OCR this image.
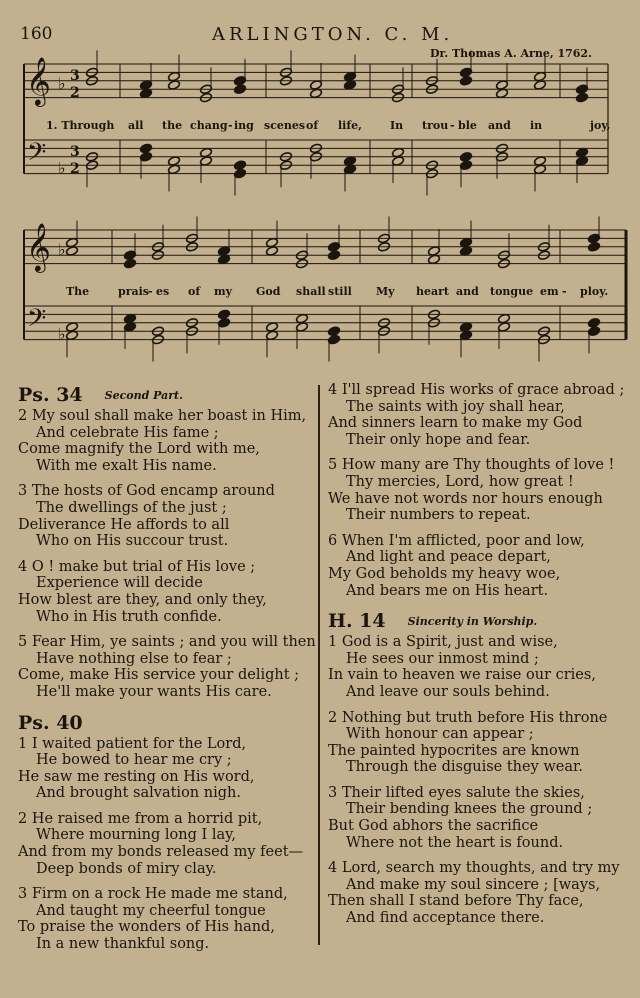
160	ARLINGTON. C. M.
Dr. Thomas A. Arne, 1762.
𝄞
𝄢
♭
♭
3
2
3
2
𝄞
𝄢
♭
♭
1. Through all the chang - ing scenes of life,	In trou - ble and in	joy,
The	prais - es of my God shall still My heart and tongue em - ploy.
Ps. 34 Second Part.
2 My soul shall make her boast in Him,
And celebrate His fame ;
Come magnify the Lord with me,
With me exalt His name.
3 The hosts of God encamp around
The dwellings of the just ;
Deliverance He affords to all
Who on His succour trust.
4 O ! make but trial of His love ;
Experience will decide
How blest are they, and only they,
Who in His truth confide.
5 Fear Him, ye saints ; and you will then
Have nothing else to fear ;
Come, make His service your delight ;
He'll make your wants His care.
Ps. 40
1 I waited patient for the Lord,
He bowed to hear me cry ;
He saw me resting on His word,
And brought salvation nigh.
2 He raised me from a horrid pit,
Where mourning long I lay,
And from my bonds released my feet—
Deep bonds of miry clay.
3 Firm on a rock He made me stand,
And taught my cheerful tongue
To praise the wonders of His hand,
In a new thankful song.
4 I'll spread His works of grace abroad ;
The saints with joy shall hear,
And sinners learn to make my God
Their only hope and fear.
5 How many are Thy thoughts of love !
Thy mercies, Lord, how great !
We have not words nor hours enough
Their numbers to repeat.
6 When I'm afflicted, poor and low,
And light and peace depart,
My God beholds my heavy woe,
And bears me on His heart.
H. 14 Sincerity in Worship.
1 God is a Spirit, just and wise,
He sees our inmost mind ;
In vain to heaven we raise our cries,
And leave our souls behind.
2 Nothing but truth before His throne
With honour can appear ;
The painted hypocrites are known
Through the disguise they wear.
3 Their lifted eyes salute the skies,
Their bending knees the ground ;
But God abhors the sacrifice
Where not the heart is found.
4 Lord, search my thoughts, and try my
And make my soul sincere ; [ways,
Then shall I stand before Thy face,
And find acceptance there.
